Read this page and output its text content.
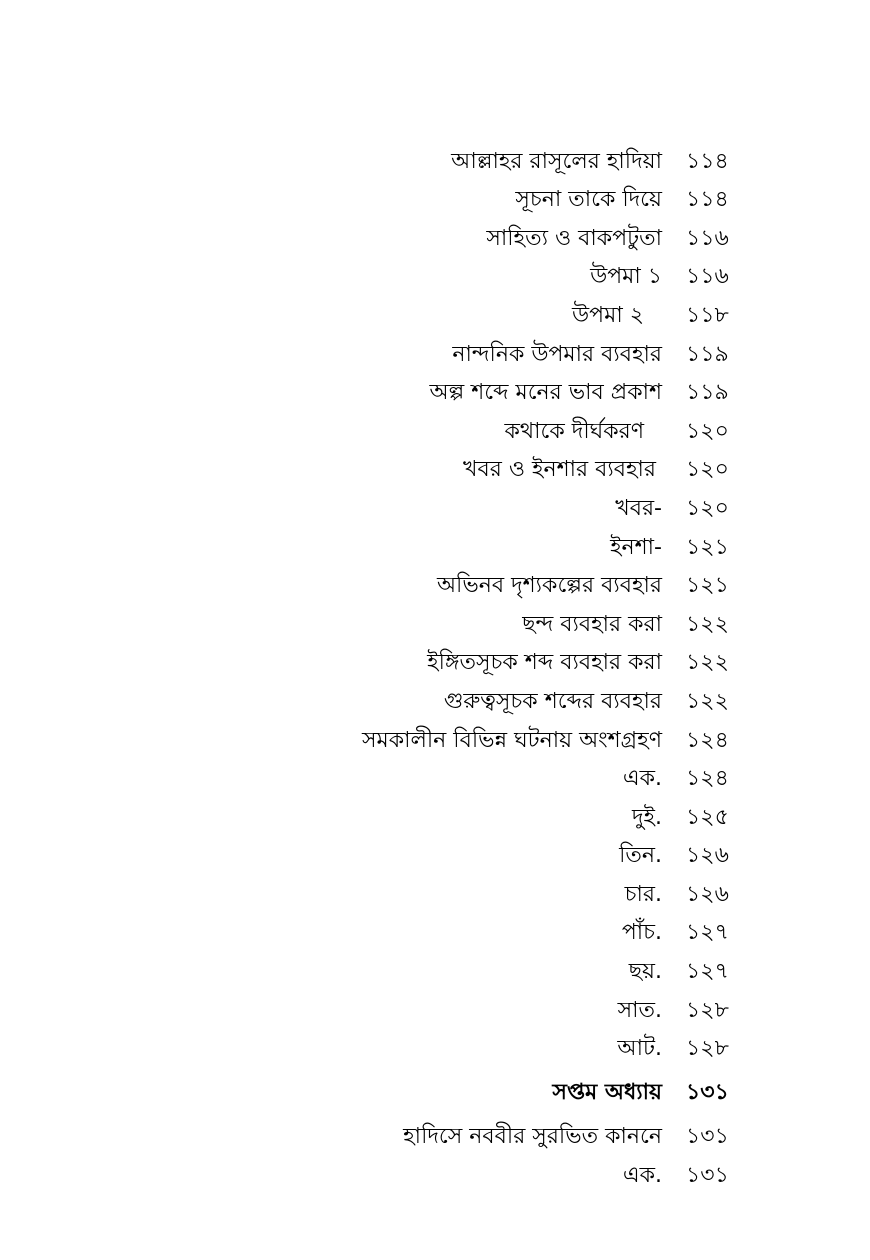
আল্লাহর রাসূলের হাদিয়া ১১৪
সূচনা তাকে দিয়ে ১১৪
সাহিত্য ও বাকপটুতা ১১৬
উপমা ১ ১১৬
উপমা ২ ১১৮
নান্দনিক উপমার ব্যবহার ১১৯
অল্প শব্দে মনের ভাব প্রকাশ ১১৯
কথাকে দীর্ঘকরণ ১২০
খবর ও ইনশার ব্যবহার ১২০
খবর- ১২০
ইনশা- ১২১
অভিনব দৃশ্যকল্পের ব্যবহার ১২১
ছন্দ ব্যবহার করা ১২২
ইঙ্গিতসূচক শব্দ ব্যবহার করা ১২২
গুরুত্বসূচক শব্দের ব্যবহার ১২২
সমকালীন বিভিন্ন ঘটনায় অংশগ্রহণ ১২৪
এক. ১২৪
দুই. ১২৫
তিন. ১২৬
চার. ১২৬
পাঁচ. ১২৭
ছয়. ১২৭
সাত. ১২৮
আট. ১২৮
সপ্তম অধ্যায় ১৩১
হাদিসে নববীর সুরভিত কাননে ১৩১
এক. ১৩১
